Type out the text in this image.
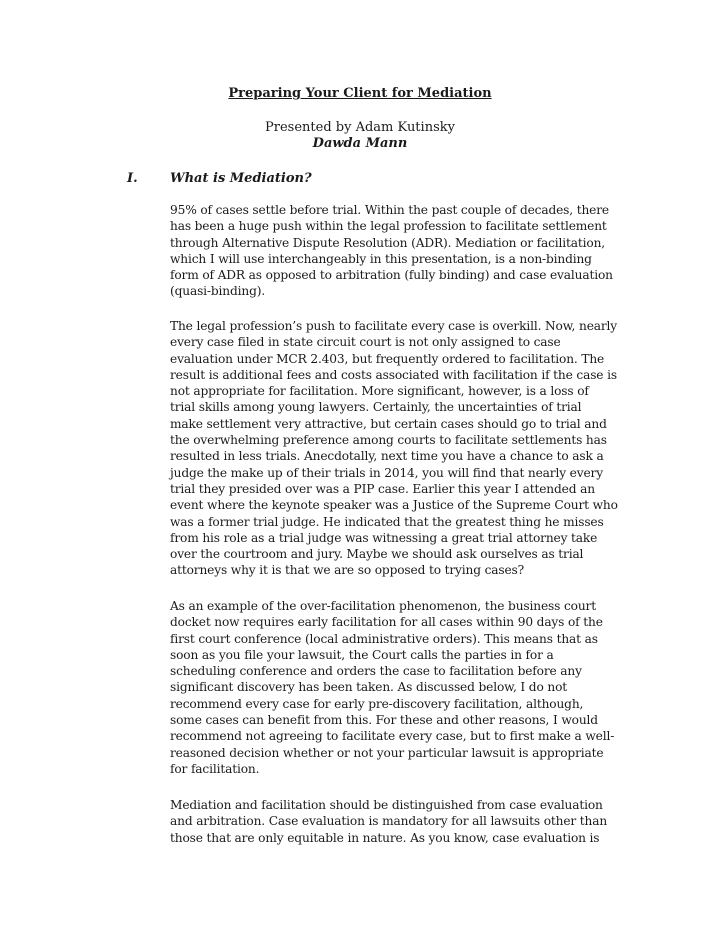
Preparing Your Client for Mediation
Presented by Adam Kutinsky
Dawda Mann
I. What is Mediation?
95% of cases settle before trial. Within the past couple of decades, there
has been a huge push within the legal profession to facilitate settlement
through Alternative Dispute Resolution (ADR). Mediation or facilitation,
which I will use interchangeably in this presentation, is a non-binding
form of ADR as opposed to arbitration (fully binding) and case evaluation
(quasi-binding).
The legal profession’s push to facilitate every case is overkill. Now, nearly
every case filed in state circuit court is not only assigned to case
evaluation under MCR 2.403, but frequently ordered to facilitation. The
result is additional fees and costs associated with facilitation if the case is
not appropriate for facilitation. More significant, however, is a loss of
trial skills among young lawyers. Certainly, the uncertainties of trial
make settlement very attractive, but certain cases should go to trial and
the overwhelming preference among courts to facilitate settlements has
resulted in less trials. Anecdotally, next time you have a chance to ask a
judge the make up of their trials in 2014, you will find that nearly every
trial they presided over was a PIP case. Earlier this year I attended an
event where the keynote speaker was a Justice of the Supreme Court who
was a former trial judge. He indicated that the greatest thing he misses
from his role as a trial judge was witnessing a great trial attorney take
over the courtroom and jury. Maybe we should ask ourselves as trial
attorneys why it is that we are so opposed to trying cases?
As an example of the over-facilitation phenomenon, the business court
docket now requires early facilitation for all cases within 90 days of the
first court conference (local administrative orders). This means that as
soon as you file your lawsuit, the Court calls the parties in for a
scheduling conference and orders the case to facilitation before any
significant discovery has been taken. As discussed below, I do not
recommend every case for early pre-discovery facilitation, although,
some cases can benefit from this. For these and other reasons, I would
recommend not agreeing to facilitate every case, but to first make a well-
reasoned decision whether or not your particular lawsuit is appropriate
for facilitation.
Mediation and facilitation should be distinguished from case evaluation
and arbitration. Case evaluation is mandatory for all lawsuits other than
those that are only equitable in nature. As you know, case evaluation is
